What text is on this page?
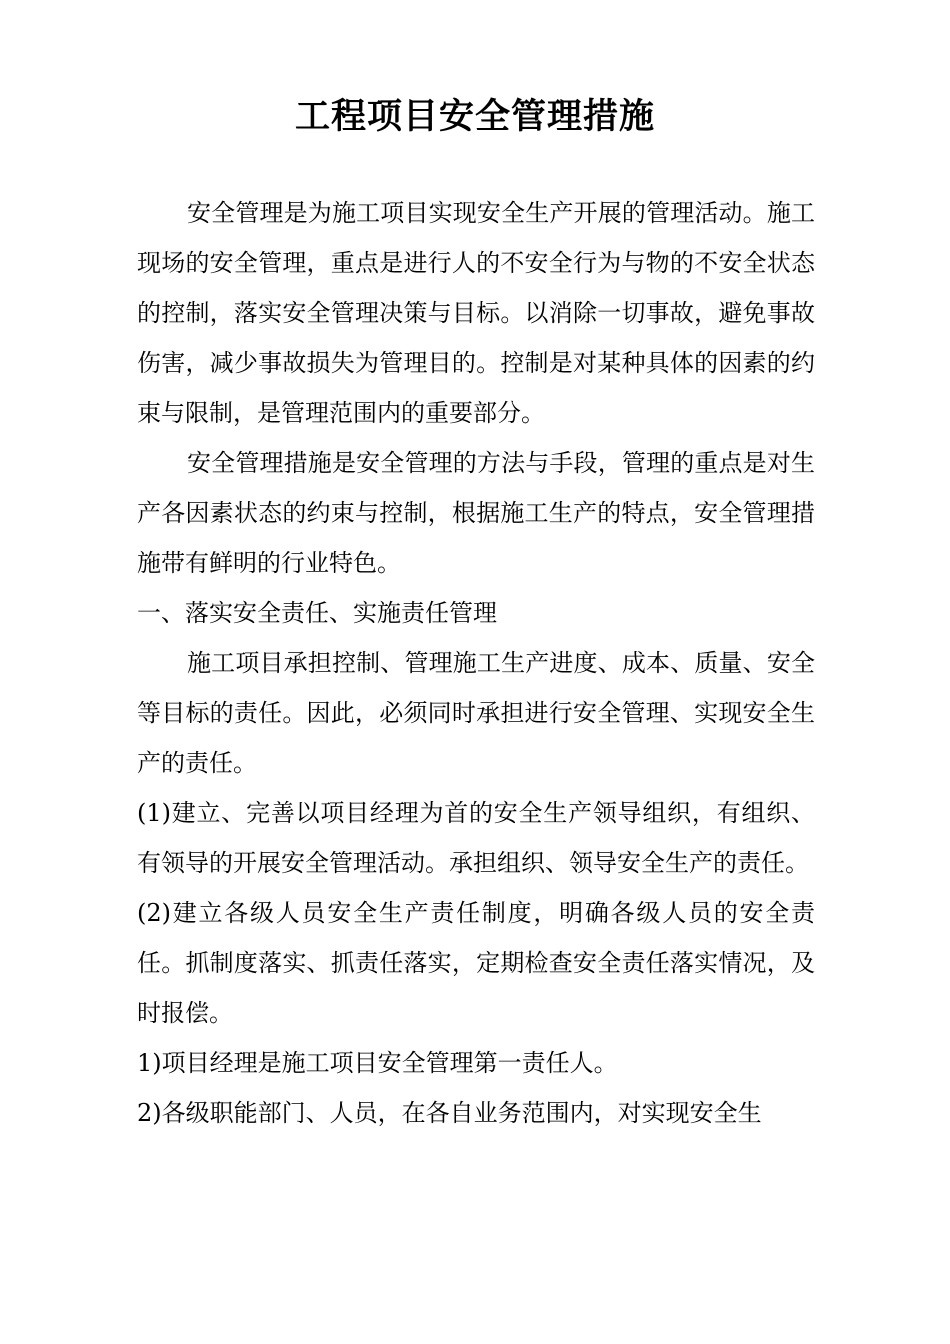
工程项目安全管理措施

安全管理是为施工项目实现安全生产开展的管理活动。施工现场的安全管理，重点是进行人的不安全行为与物的不安全状态的控制，落实安全管理决策与目标。以消除一切事故，避免事故伤害，减少事故损失为管理目的。控制是对某种具体的因素的约束与限制，是管理范围内的重要部分。

安全管理措施是安全管理的方法与手段，管理的重点是对生产各因素状态的约束与控制，根据施工生产的特点，安全管理措施带有鲜明的行业特色。

一、落实安全责任、实施责任管理

施工项目承担控制、管理施工生产进度、成本、质量、安全等目标的责任。因此，必须同时承担进行安全管理、实现安全生产的责任。

(1)建立、完善以项目经理为首的安全生产领导组织，有组织、有领导的开展安全管理活动。承担组织、领导安全生产的责任。

(2)建立各级人员安全生产责任制度，明确各级人员的安全责任。抓制度落实、抓责任落实，定期检查安全责任落实情况，及时报偿。

1)项目经理是施工项目安全管理第一责任人。

2)各级职能部门、人员，在各自业务范围内，对实现安全生
